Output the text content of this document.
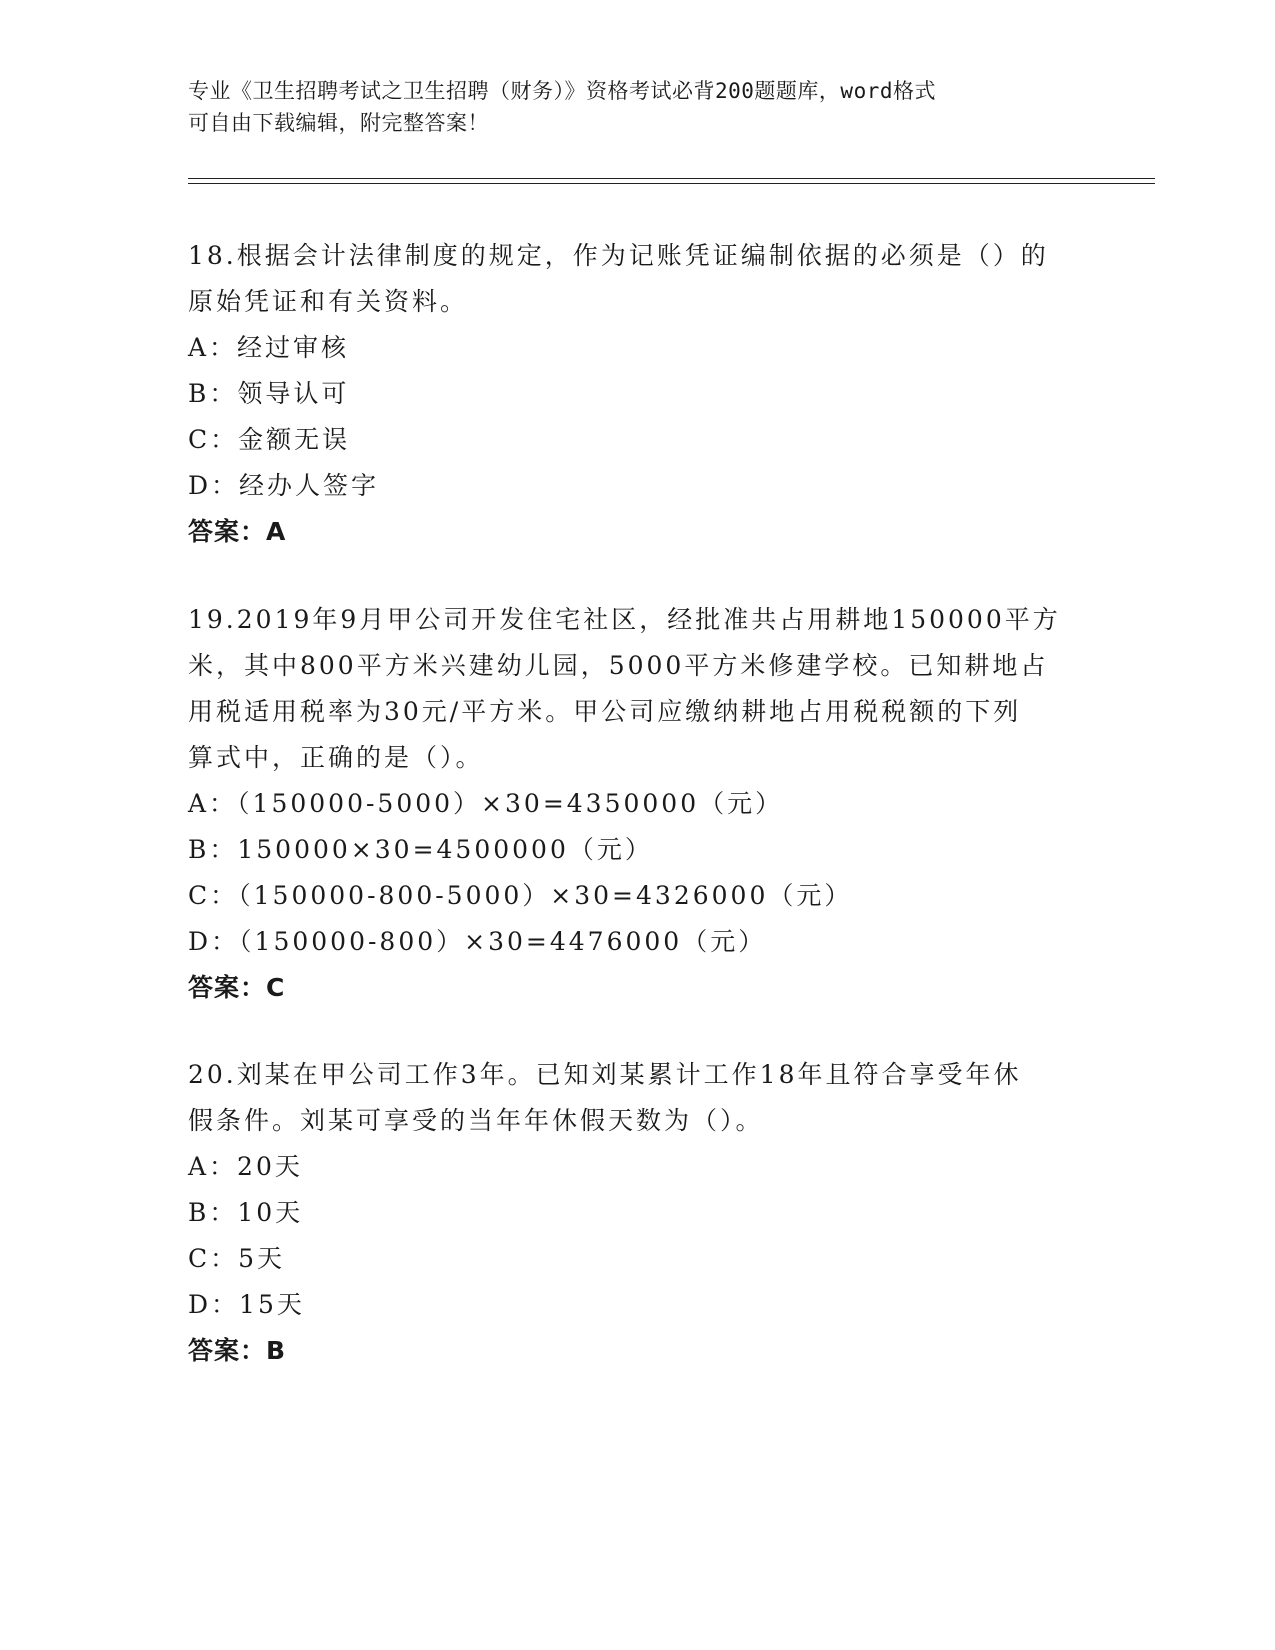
专业《卫生招聘考试之卫生招聘（财务）》资格考试必背200题题库，word格式
可自由下载编辑，附完整答案！
18.根据会计法律制度的规定，作为记账凭证编制依据的必须是（）的
原始凭证和有关资料。
A：经过审核
B：领导认可
C：金额无误
D：经办人签字
答案：A
19.2019年9月甲公司开发住宅社区，经批准共占用耕地150000平方
米，其中800平方米兴建幼儿园，5000平方米修建学校。已知耕地占
用税适用税率为30元/平方米。甲公司应缴纳耕地占用税税额的下列
算式中，正确的是（）。
A：（150000-5000）×30=4350000（元）
B：150000×30=4500000（元）
C：（150000-800-5000）×30=4326000（元）
D：（150000-800）×30=4476000（元）
答案：C
20.刘某在甲公司工作3年。已知刘某累计工作18年且符合享受年休
假条件。刘某可享受的当年年休假天数为（）。
A：20天
B：10天
C：5天
D：15天
答案：B
